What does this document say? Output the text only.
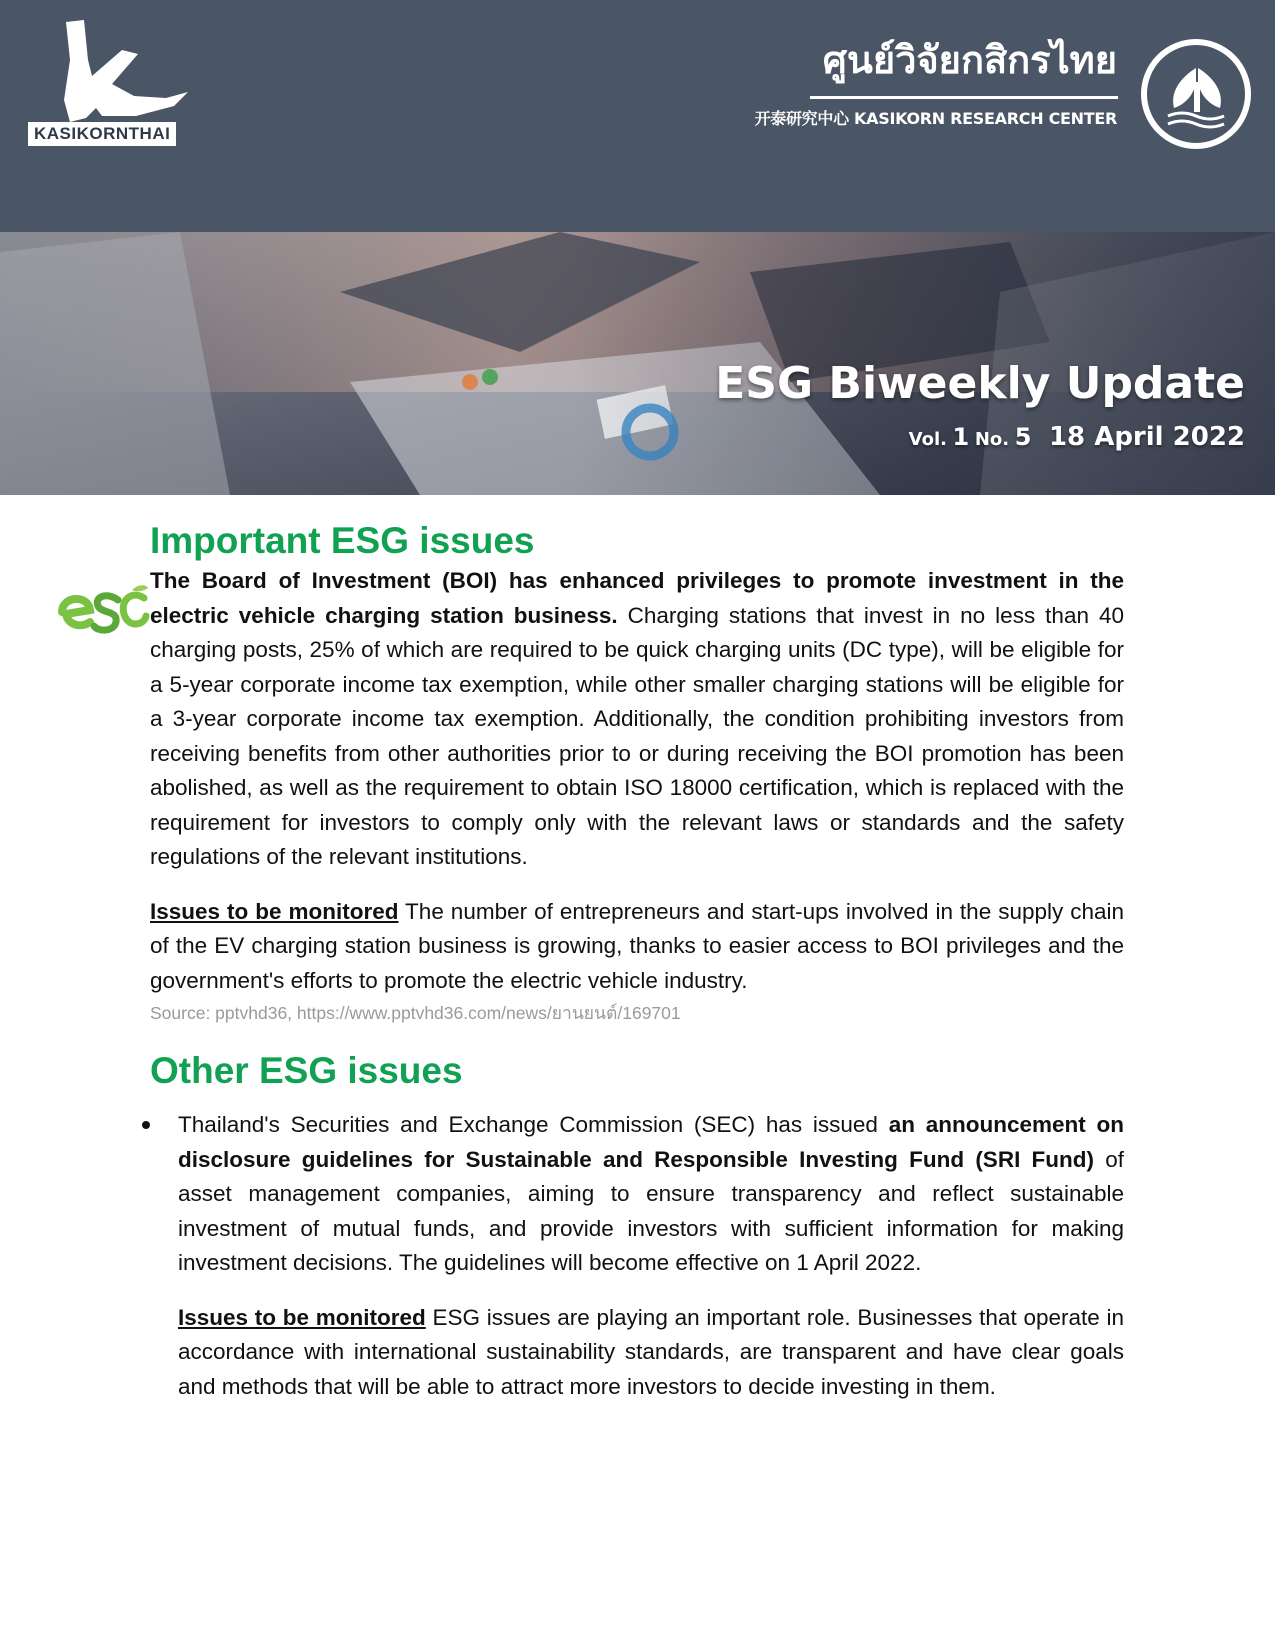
KASIKORNTHAI
ศูนย์วิจัยกสิกรไทย
开泰研究中心 KASIKORN RESEARCH CENTER
ESG Biweekly Update
Vol. 1 No. 5 18 April 2022
Important ESG issues

The Board of Investment (BOI) has enhanced privileges to promote investment in the electric vehicle charging station business. Charging stations that invest in no less than 40 charging posts, 25% of which are required to be quick charging units (DC type), will be eligible for a 5-year corporate income tax exemption, while other smaller charging stations will be eligible for a 3-year corporate income tax exemption. Additionally, the condition prohibiting investors from receiving benefits from other authorities prior to or during receiving the BOI promotion has been abolished, as well as the requirement to obtain ISO 18000 certification, which is replaced with the requirement for investors to comply only with the relevant laws or standards and the safety regulations of the relevant institutions.

Issues to be monitored The number of entrepreneurs and start-ups involved in the supply chain of the EV charging station business is growing, thanks to easier access to BOI privileges and the government's efforts to promote the electric vehicle industry.

Source: pptvhd36, https://www.pptvhd36.com/news/ยานยนต์/169701
Other ESG issues

Thailand's Securities and Exchange Commission (SEC) has issued an announcement on disclosure guidelines for Sustainable and Responsible Investing Fund (SRI Fund) of asset management companies, aiming to ensure transparency and reflect sustainable investment of mutual funds, and provide investors with sufficient information for making investment decisions. The guidelines will become effective on 1 April 2022.

Issues to be monitored ESG issues are playing an important role. Businesses that operate in accordance with international sustainability standards, are transparent and have clear goals and methods that will be able to attract more investors to decide investing in them.
